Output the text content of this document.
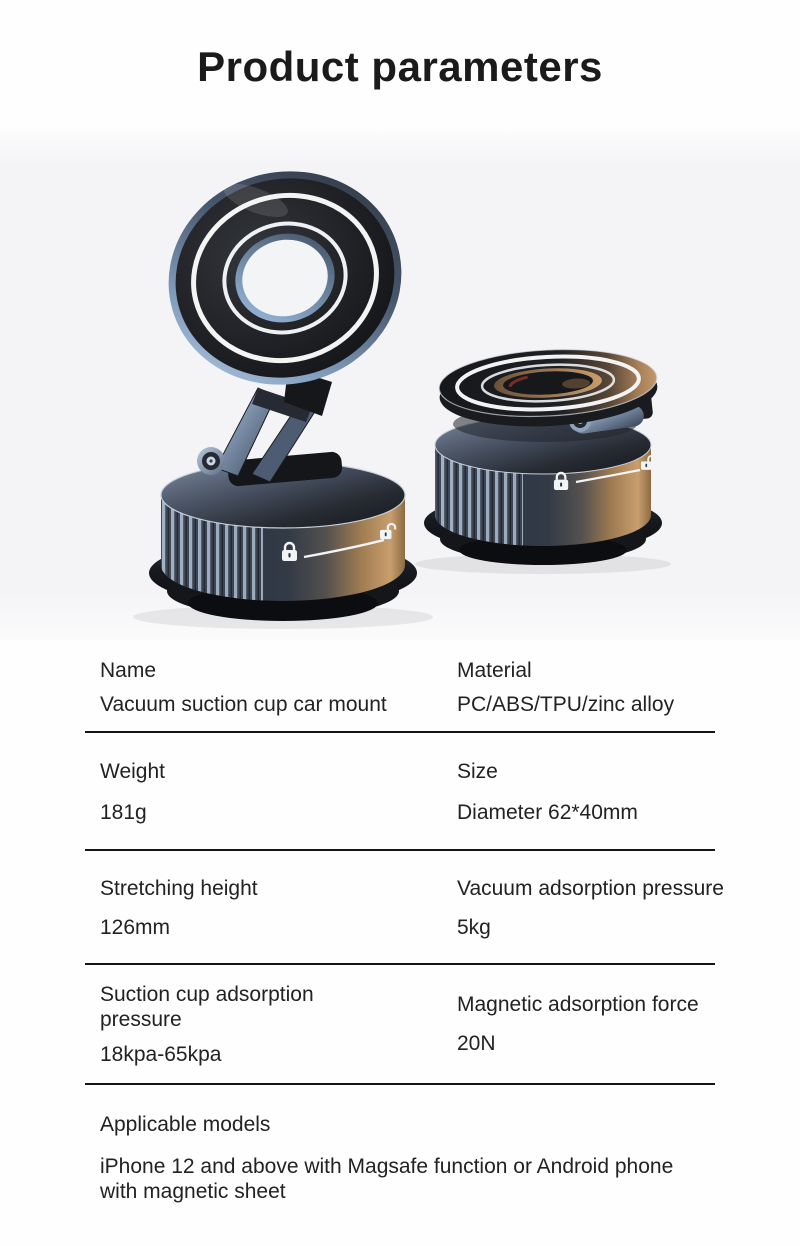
Product parameters
Name
Vacuum suction cup car mount
Material
PC/ABS/TPU/zinc alloy
Weight
181g
Size
Diameter 62*40mm
Stretching height
126mm
Vacuum adsorption pressure
5kg
Suction cup adsorption pressure
18kpa-65kpa
Magnetic adsorption force
20N
Applicable models
iPhone 12 and above with Magsafe function or Android phone with magnetic sheet
